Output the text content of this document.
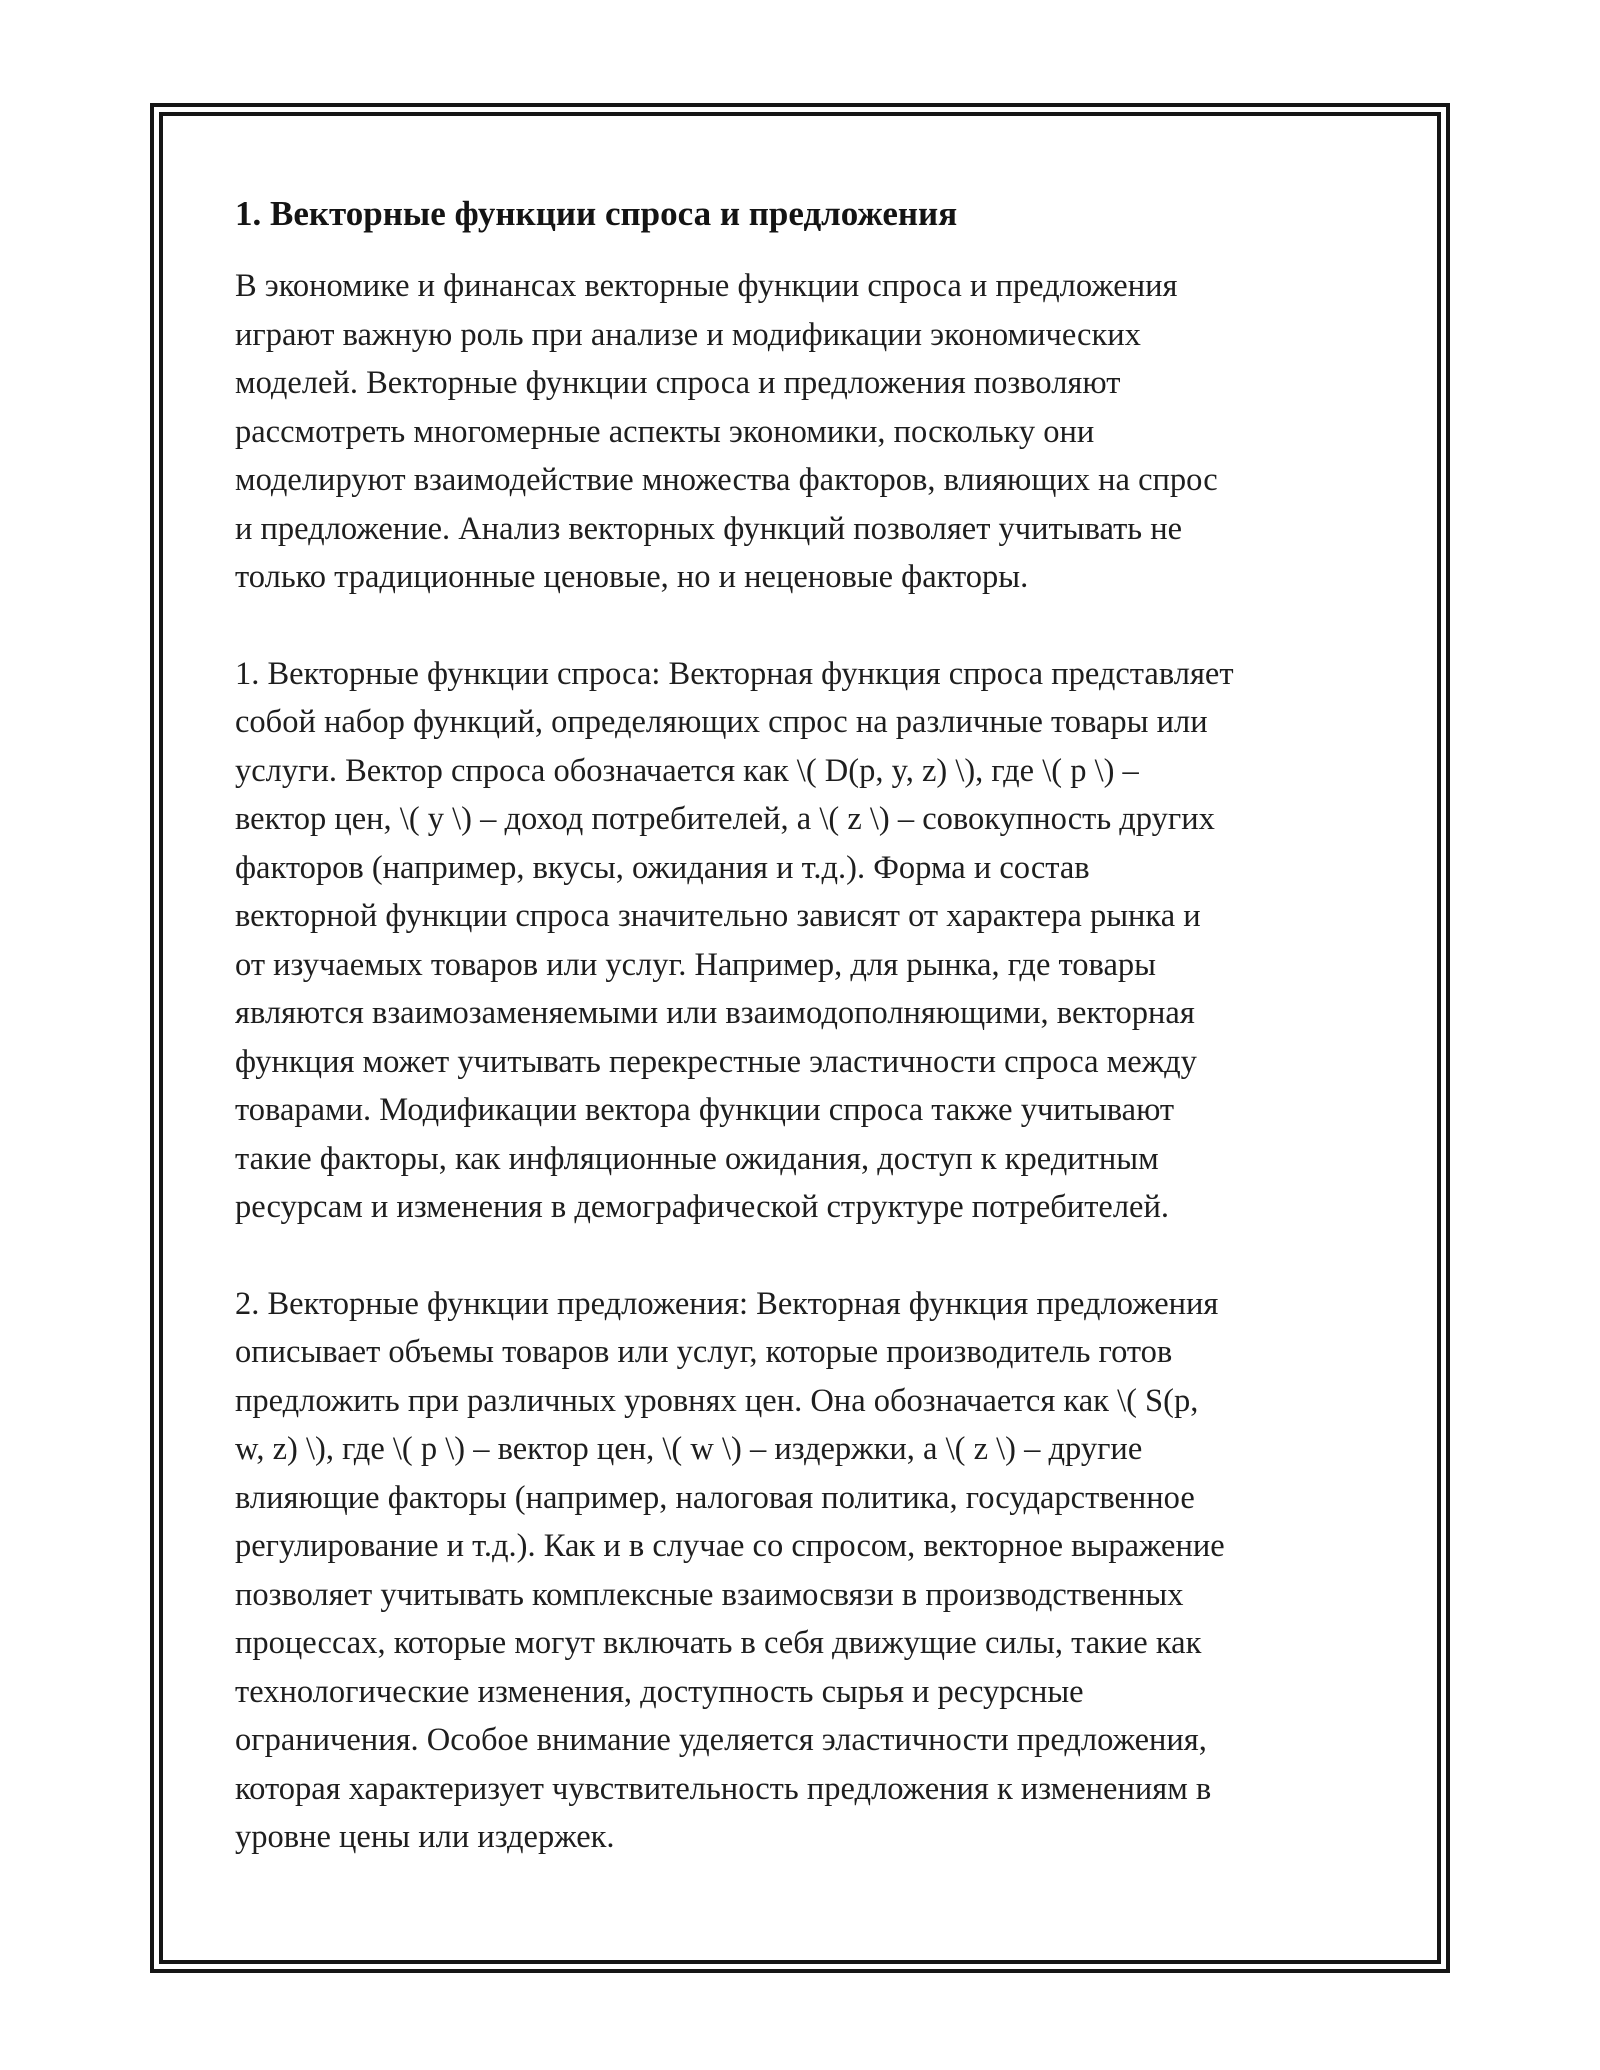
1. Векторные функции спроса и предложения

В экономике и финансах векторные функции спроса и предложения
играют важную роль при анализе и модификации экономических
моделей. Векторные функции спроса и предложения позволяют
рассмотреть многомерные аспекты экономики, поскольку они
моделируют взаимодействие множества факторов, влияющих на спрос
и предложение. Анализ векторных функций позволяет учитывать не
только традиционные ценовые, но и неценовые факторы.

1. Векторные функции спроса: Векторная функция спроса представляет
собой набор функций, определяющих спрос на различные товары или
услуги. Вектор спроса обозначается как \( D(p, y, z) \), где \( p \) –
вектор цен, \( y \) – доход потребителей, а \( z \) – совокупность других
факторов (например, вкусы, ожидания и т.д.). Форма и состав
векторной функции спроса значительно зависят от характера рынка и
от изучаемых товаров или услуг. Например, для рынка, где товары
являются взаимозаменяемыми или взаимодополняющими, векторная
функция может учитывать перекрестные эластичности спроса между
товарами. Модификации вектора функции спроса также учитывают
такие факторы, как инфляционные ожидания, доступ к кредитным
ресурсам и изменения в демографической структуре потребителей.

2. Векторные функции предложения: Векторная функция предложения
описывает объемы товаров или услуг, которые производитель готов
предложить при различных уровнях цен. Она обозначается как \( S(p,
w, z) \), где \( p \) – вектор цен, \( w \) – издержки, а \( z \) – другие
влияющие факторы (например, налоговая политика, государственное
регулирование и т.д.). Как и в случае со спросом, векторное выражение
позволяет учитывать комплексные взаимосвязи в производственных
процессах, которые могут включать в себя движущие силы, такие как
технологические изменения, доступность сырья и ресурсные
ограничения. Особое внимание уделяется эластичности предложения,
которая характеризует чувствительность предложения к изменениям в
уровне цены или издержек.
